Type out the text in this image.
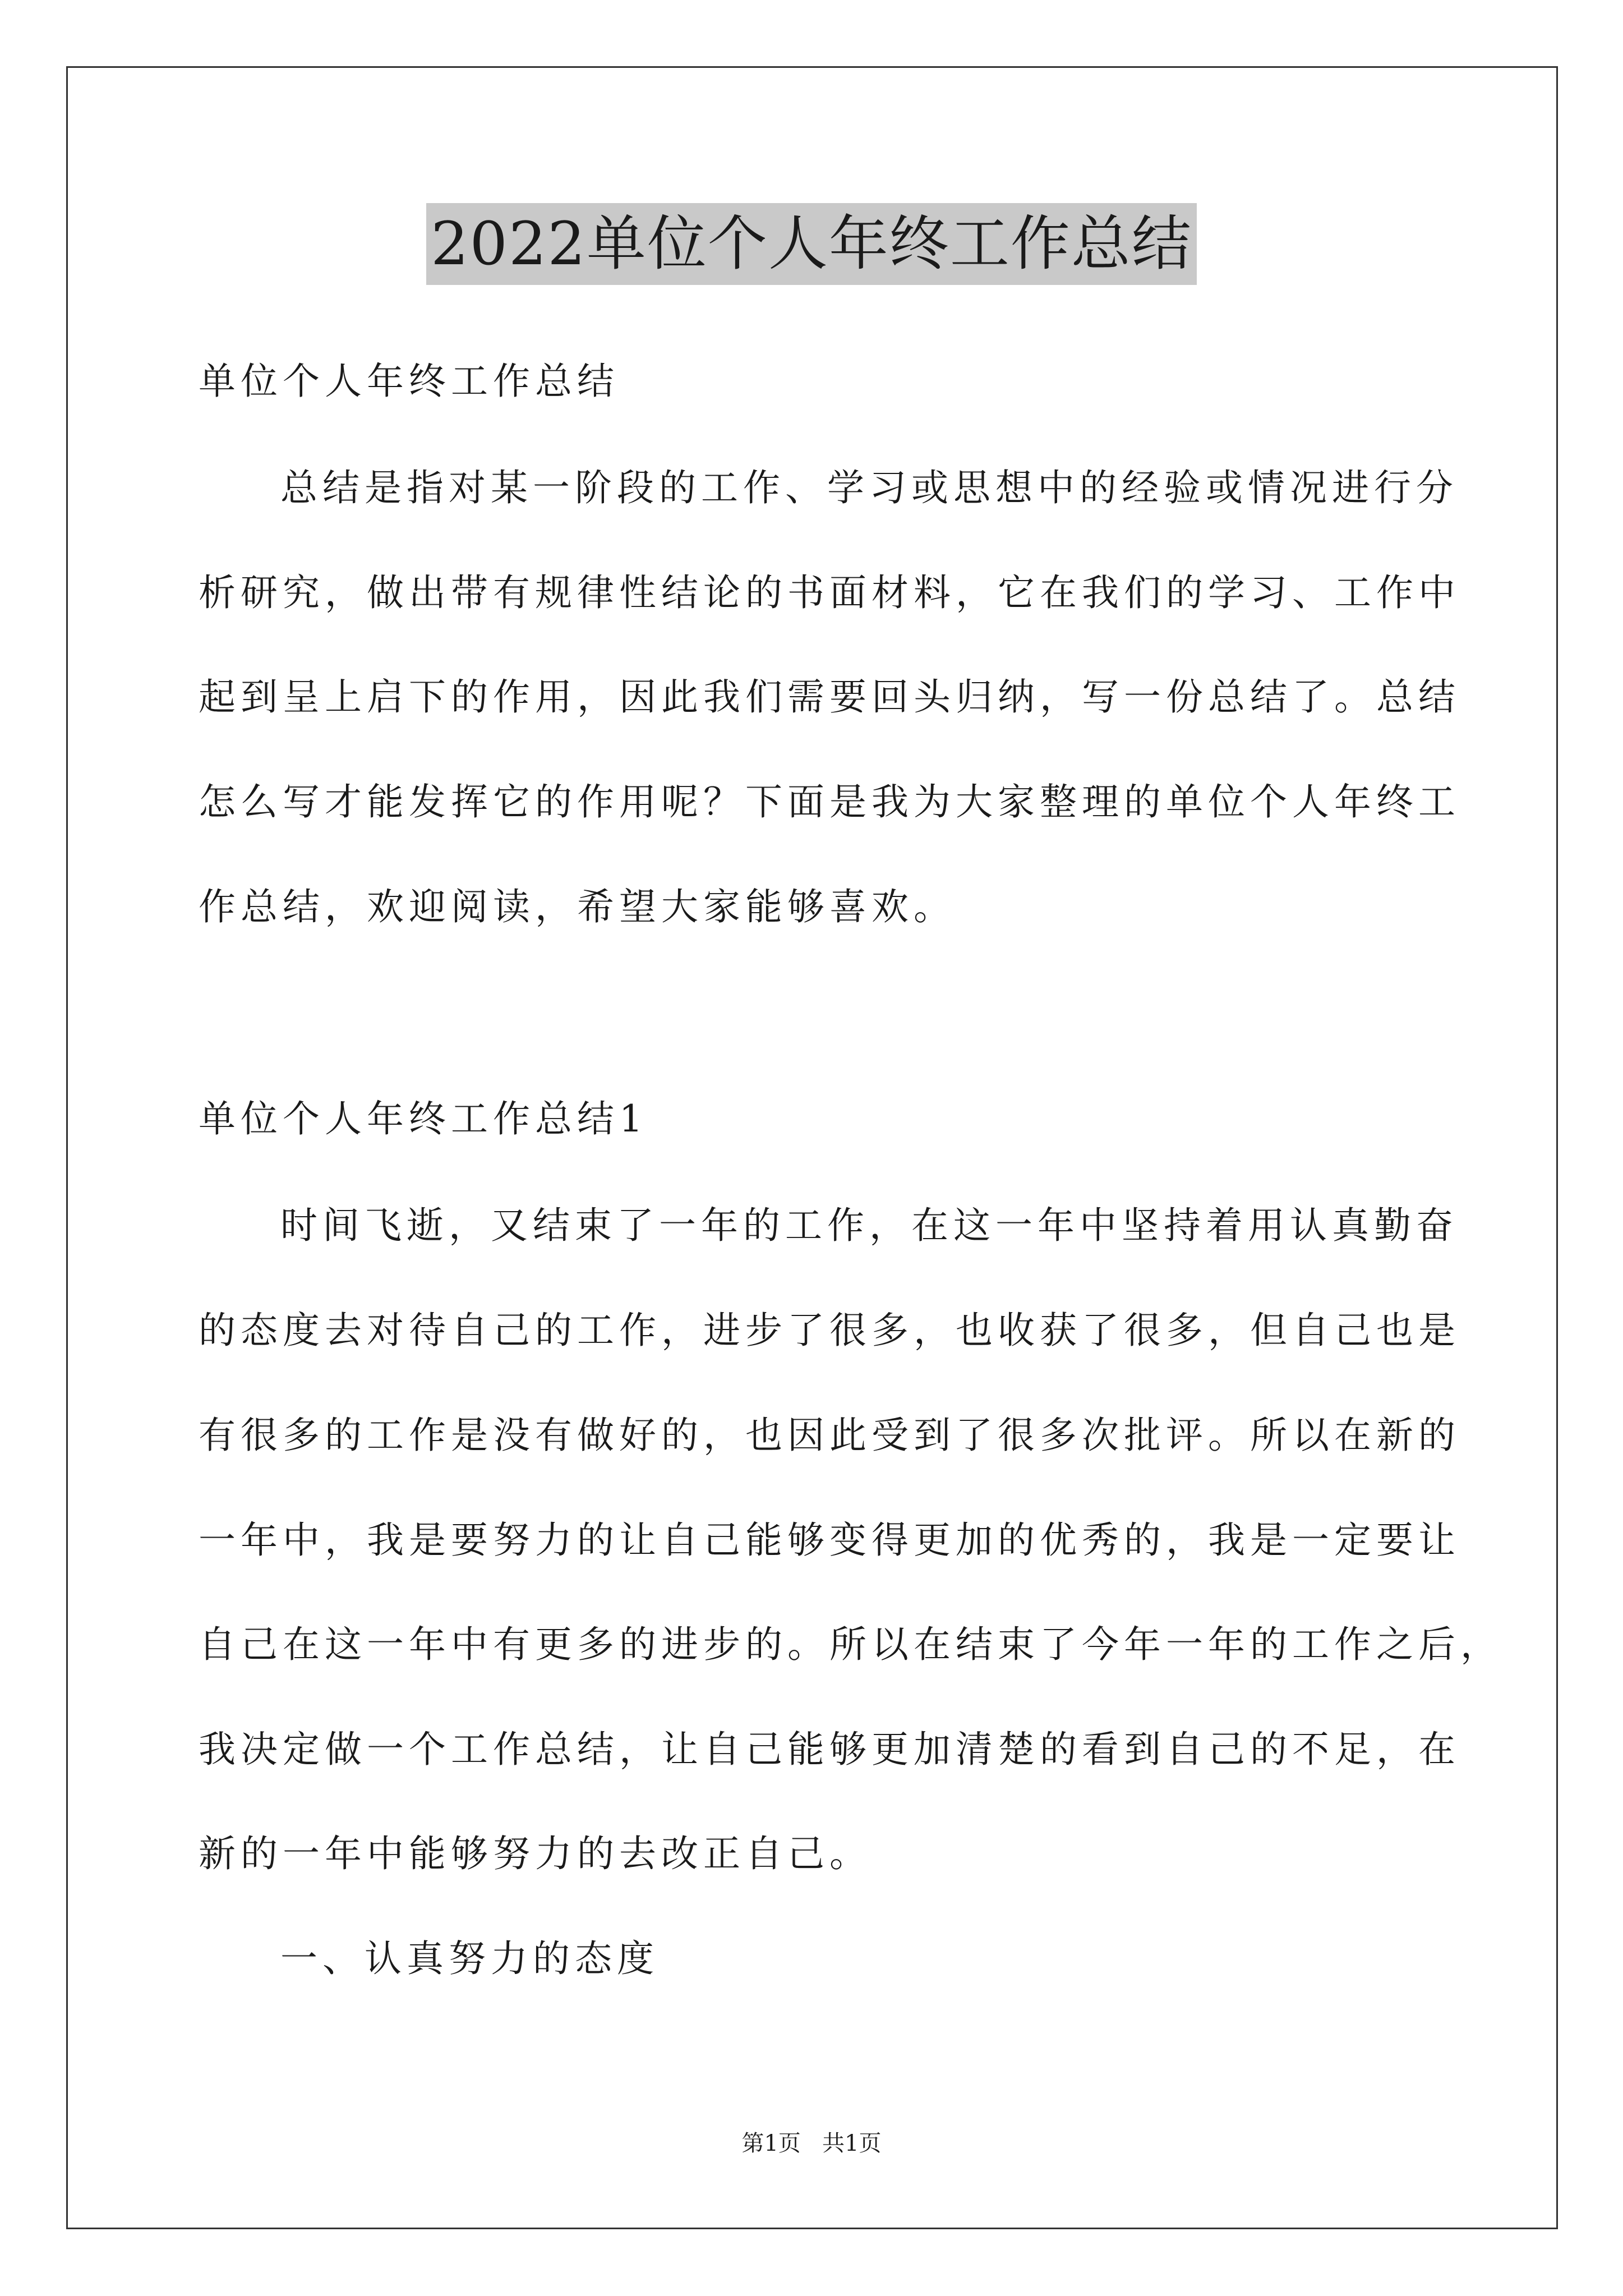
2022单位个人年终工作总结
单位个人年终工作总结
总结是指对某一阶段的工作、学习或思想中的经验或情况进行分
析研究，做出带有规律性结论的书面材料，它在我们的学习、工作中
起到呈上启下的作用，因此我们需要回头归纳，写一份总结了。总结
怎么写才能发挥它的作用呢？下面是我为大家整理的单位个人年终工
作总结，欢迎阅读，希望大家能够喜欢。
单位个人年终工作总结1
时间飞逝，又结束了一年的工作，在这一年中坚持着用认真勤奋
的态度去对待自己的工作，进步了很多，也收获了很多，但自己也是
有很多的工作是没有做好的，也因此受到了很多次批评。所以在新的
一年中，我是要努力的让自己能够变得更加的优秀的，我是一定要让
自己在这一年中有更多的进步的。所以在结束了今年一年的工作之后，
我决定做一个工作总结，让自己能够更加清楚的看到自己的不足，在
新的一年中能够努力的去改正自己。
一、认真努力的态度
第1页   共1页
